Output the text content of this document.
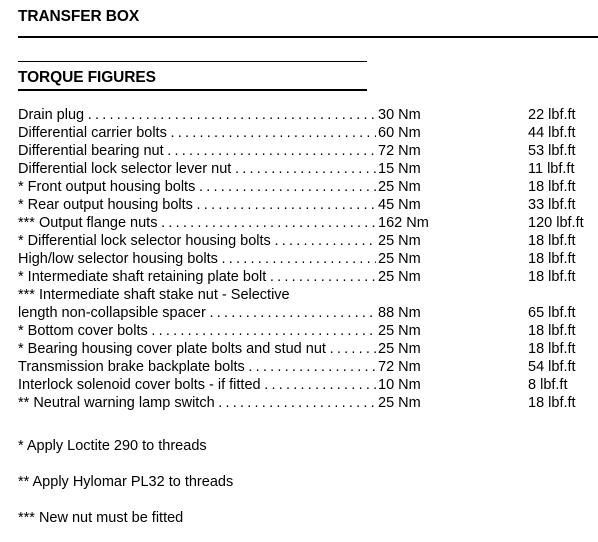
TRANSFER BOX
TORQUE FIGURES
Drain plug . . .	30 Nm	22 lbf.ft
Differential carrier bolts . . .	60 Nm	44 lbf.ft
Differential bearing nut . . .	72 Nm	53 lbf.ft
Differential lock selector lever nut . . .	15 Nm	11 lbf.ft
* Front output housing bolts . . .	25 Nm	18 lbf.ft
* Rear output housing bolts . . .	45 Nm	33 lbf.ft
*** Output flange nuts . . .	162 Nm	120 lbf.ft
* Differential lock selector housing bolts . . .	25 Nm	18 lbf.ft
High/low selector housing bolts . . .	25 Nm	18 lbf.ft
* Intermediate shaft retaining plate bolt . . .	25 Nm	18 lbf.ft
*** Intermediate shaft stake nut - Selective
length non-collapsible spacer . . .	88 Nm	65 lbf.ft
* Bottom cover bolts . . .	25 Nm	18 lbf.ft
* Bearing housing cover plate bolts and stud nut . . .	25 Nm	18 lbf.ft
Transmission brake backplate bolts . . .	72 Nm	54 lbf.ft
Interlock solenoid cover bolts - if fitted . . .	10 Nm	8 lbf.ft
** Neutral warning lamp switch . . .	25 Nm	18 lbf.ft
* Apply Loctite 290 to threads
** Apply Hylomar PL32 to threads
*** New nut must be fitted
